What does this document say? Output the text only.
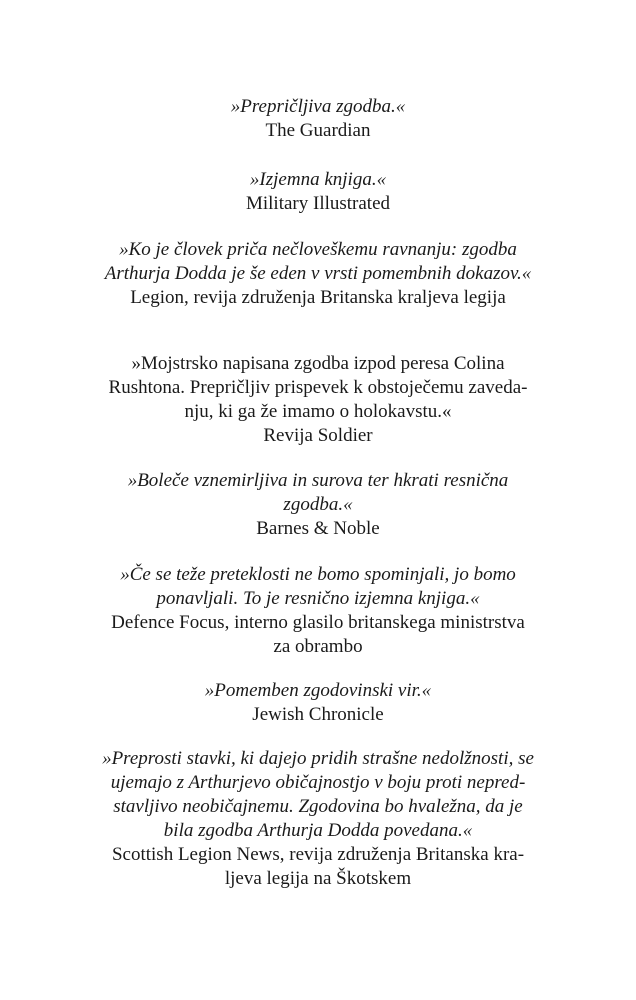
»Prepričljiva zgodba.«
The Guardian
»Izjemna knjiga.«
Military Illustrated
»Ko je človek priča nečloveškemu ravnanju: zgodba
Arthurja Dodda je še eden v vrsti pomembnih dokazov.«
Legion, revija združenja Britanska kraljeva legija
»Mojstrsko napisana zgodba izpod peresa Colina
Rushtona. Prepričljiv prispevek k obstoječemu zaveda-
nju, ki ga že imamo o holokavstu.«
Revija Soldier
»Boleče vznemirljiva in surova ter hkrati resnična
zgodba.«
Barnes & Noble
»Če se teže preteklosti ne bomo spominjali, jo bomo
ponavljali. To je resnično izjemna knjiga.«
Defence Focus, interno glasilo britanskega ministrstva
za obrambo
»Pomemben zgodovinski vir.«
Jewish Chronicle
»Preprosti stavki, ki dajejo pridih strašne nedolžnosti, se
ujemajo z Arthurjevo običajnostjo v boju proti nepred-
stavljivo neobičajnemu. Zgodovina bo hvaležna, da je
bila zgodba Arthurja Dodda povedana.«
Scottish Legion News, revija združenja Britanska kra-
ljeva legija na Škotskem
